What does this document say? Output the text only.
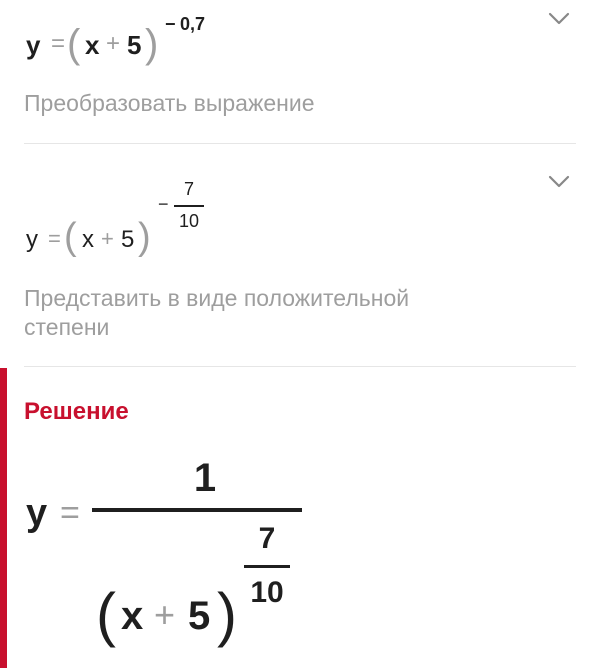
y = ( x + 5 ) − 0,7
Преобразовать выражение
y = ( x + 5 )
−
7
10
Представить в виде положительной
степени
Решение
y =
1
( x + 5 )
7
10
